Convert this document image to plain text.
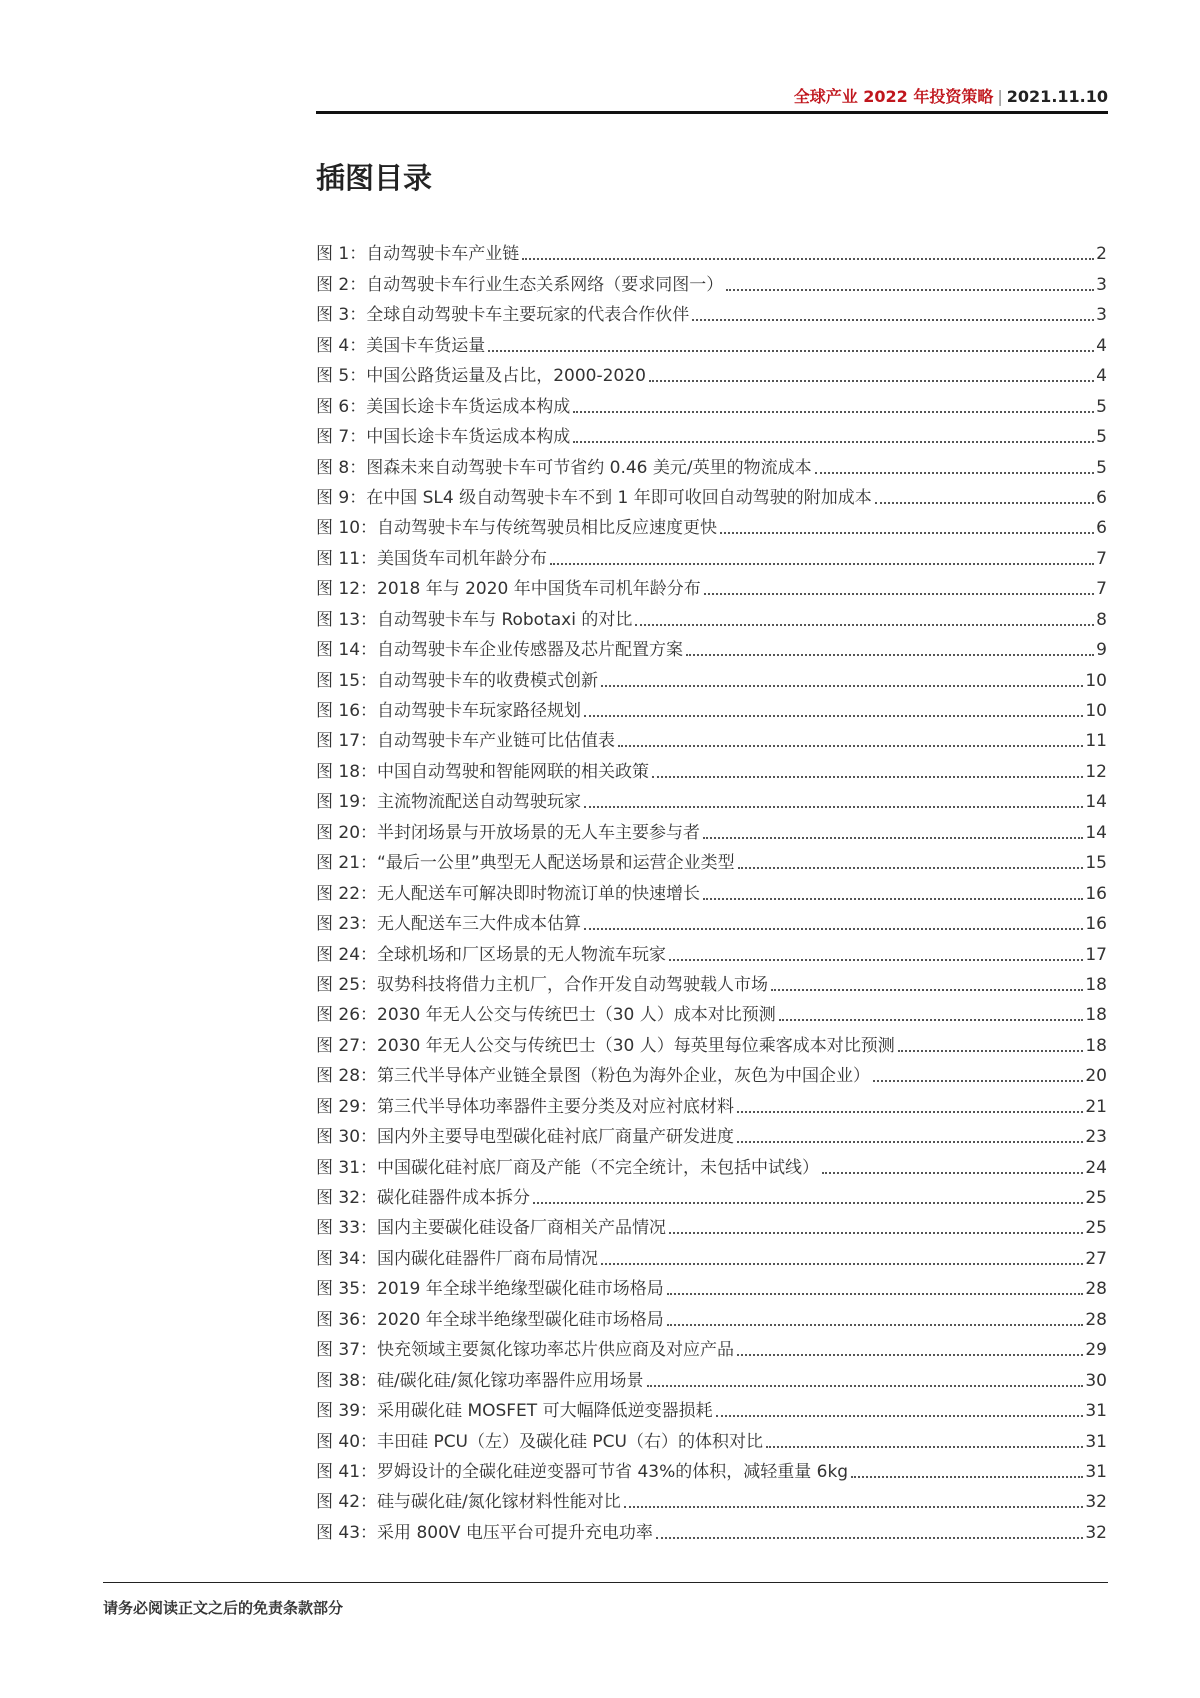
全球产业 2022 年投资策略 | 2021.11.10
插图目录
图 1：自动驾驶卡车产业链	2
图 2：自动驾驶卡车行业生态关系网络（要求同图一）	3
图 3：全球自动驾驶卡车主要玩家的代表合作伙伴	3
图 4：美国卡车货运量	4
图 5：中国公路货运量及占比，2000-2020	4
图 6：美国长途卡车货运成本构成	5
图 7：中国长途卡车货运成本构成	5
图 8：图森未来自动驾驶卡车可节省约 0.46 美元/英里的物流成本	5
图 9：在中国 SL4 级自动驾驶卡车不到 1 年即可收回自动驾驶的附加成本	6
图 10：自动驾驶卡车与传统驾驶员相比反应速度更快	6
图 11：美国货车司机年龄分布	7
图 12：2018 年与 2020 年中国货车司机年龄分布	7
图 13：自动驾驶卡车与 Robotaxi 的对比	8
图 14：自动驾驶卡车企业传感器及芯片配置方案	9
图 15：自动驾驶卡车的收费模式创新	10
图 16：自动驾驶卡车玩家路径规划	10
图 17：自动驾驶卡车产业链可比估值表	11
图 18：中国自动驾驶和智能网联的相关政策	12
图 19：主流物流配送自动驾驶玩家	14
图 20：半封闭场景与开放场景的无人车主要参与者	14
图 21：“最后一公里”典型无人配送场景和运营企业类型	15
图 22：无人配送车可解决即时物流订单的快速增长	16
图 23：无人配送车三大件成本估算	16
图 24：全球机场和厂区场景的无人物流车玩家	17
图 25：驭势科技将借力主机厂，合作开发自动驾驶载人市场	18
图 26：2030 年无人公交与传统巴士（30 人）成本对比预测	18
图 27：2030 年无人公交与传统巴士（30 人）每英里每位乘客成本对比预测	18
图 28：第三代半导体产业链全景图（粉色为海外企业，灰色为中国企业）	20
图 29：第三代半导体功率器件主要分类及对应衬底材料	21
图 30：国内外主要导电型碳化硅衬底厂商量产研发进度	23
图 31：中国碳化硅衬底厂商及产能（不完全统计，未包括中试线）	24
图 32：碳化硅器件成本拆分	25
图 33：国内主要碳化硅设备厂商相关产品情况	25
图 34：国内碳化硅器件厂商布局情况	27
图 35：2019 年全球半绝缘型碳化硅市场格局	28
图 36：2020 年全球半绝缘型碳化硅市场格局	28
图 37：快充领域主要氮化镓功率芯片供应商及对应产品	29
图 38：硅/碳化硅/氮化镓功率器件应用场景	30
图 39：采用碳化硅 MOSFET 可大幅降低逆变器损耗	31
图 40：丰田硅 PCU（左）及碳化硅 PCU（右）的体积对比	31
图 41：罗姆设计的全碳化硅逆变器可节省 43%的体积，减轻重量 6kg	31
图 42：硅与碳化硅/氮化镓材料性能对比	32
图 43：采用 800V 电压平台可提升充电功率	32
请务必阅读正文之后的免责条款部分
